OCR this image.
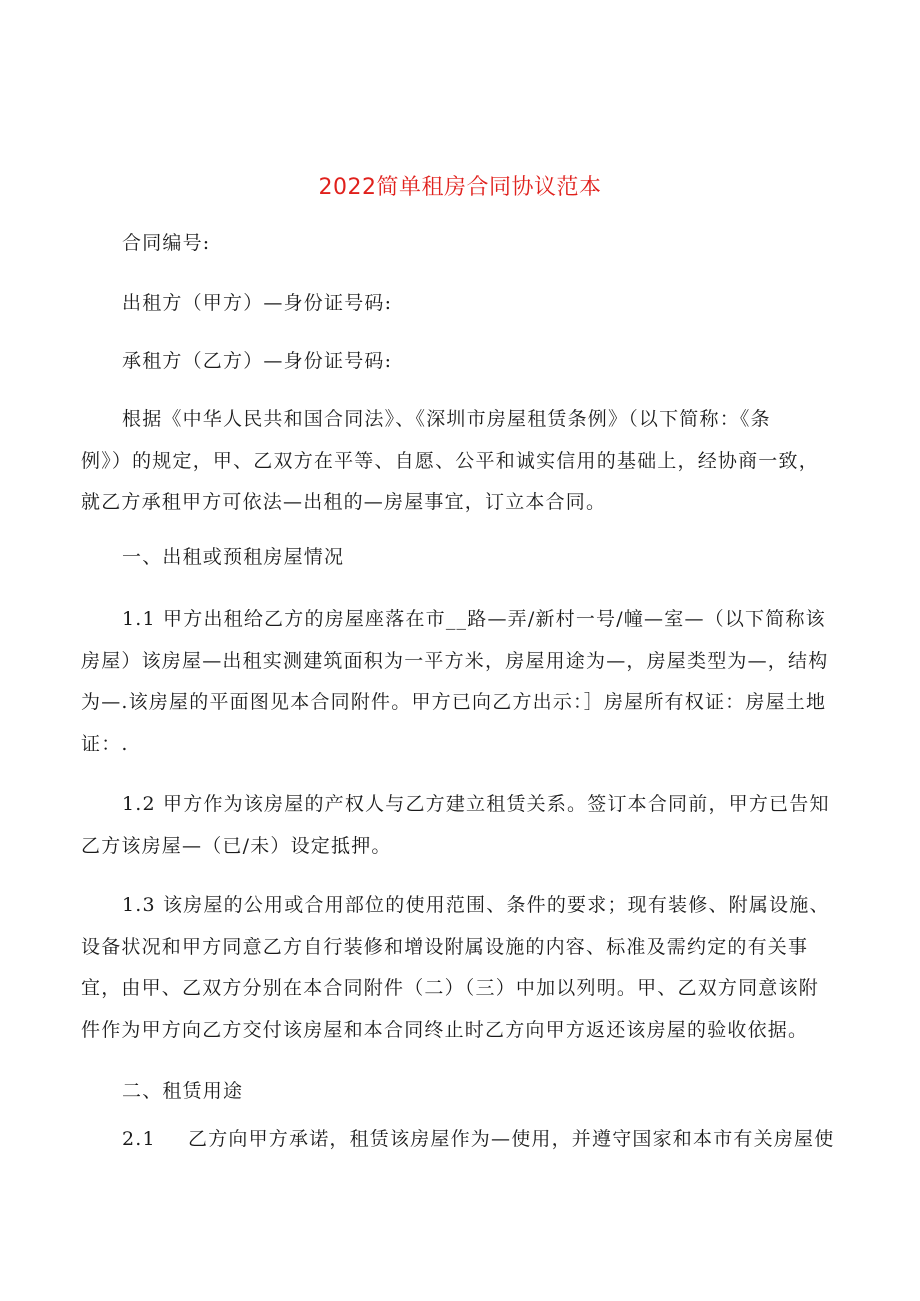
2022简单租房合同协议范本

合同编号:

出租方（甲方）—身份证号码:

承租方（乙方）—身份证号码:

根据《中华人民共和国合同法》、《深圳市房屋租赁条例》（以下简称：《条
例》）的规定，甲、乙双方在平等、自愿、公平和诚实信用的基础上，经协商一致，
就乙方承租甲方可依法—出租的—房屋事宜，订立本合同。

一、出租或预租房屋情况

1.1 甲方出租给乙方的房屋座落在市__路—弄/新村一号/幢—室—（以下简称该
房屋）该房屋—出租实测建筑面积为一平方米，房屋用途为—，房屋类型为—，结构
为—.该房屋的平面图见本合同附件。甲方已向乙方出示：］房屋所有权证：房屋土地
证：.
1.2 甲方作为该房屋的产权人与乙方建立租赁关系。签订本合同前，甲方已告知
乙方该房屋—（已/未）设定抵押。
1.3 该房屋的公用或合用部位的使用范围、条件的要求；现有装修、附属设施、
设备状况和甲方同意乙方自行装修和增设附属设施的内容、标准及需约定的有关事
宜，由甲、乙双方分别在本合同附件（二）（三）中加以列明。甲、乙双方同意该附
件作为甲方向乙方交付该房屋和本合同终止时乙方向甲方返还该房屋的验收依据。

二、租赁用途

2.1 乙方向甲方承诺，租赁该房屋作为—使用，并遵守国家和本市有关房屋使
